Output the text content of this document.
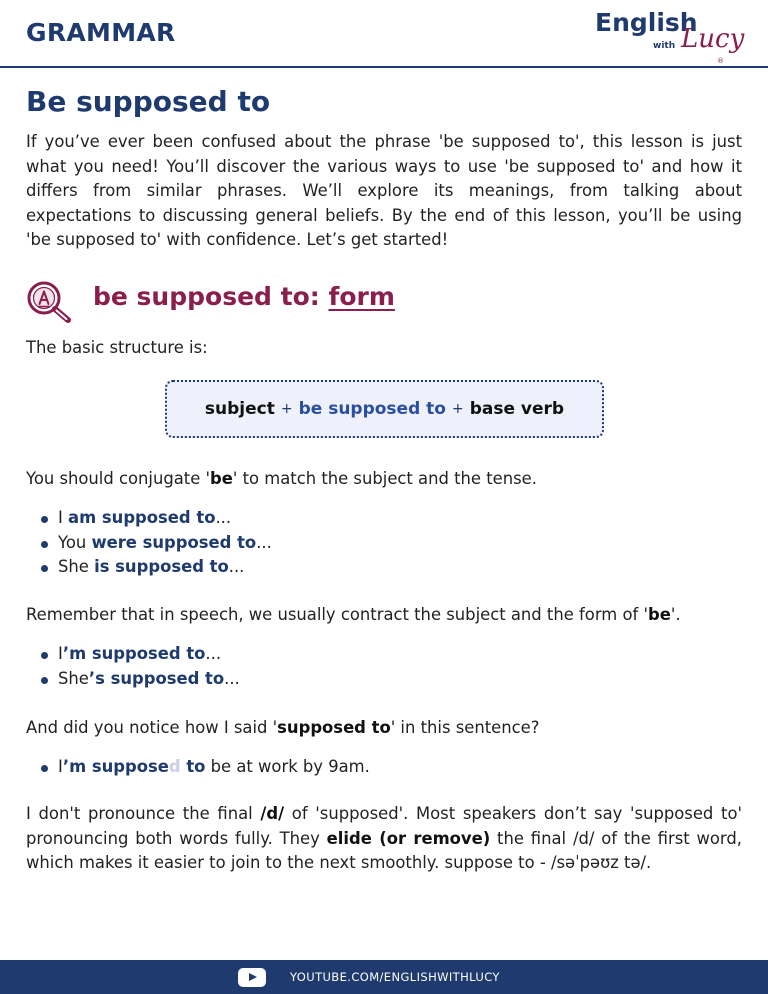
GRAMMAR	English
with Lucy
®
Be supposed to

If you’ve ever been confused about the phrase 'be supposed to', this lesson is just what you need! You’ll discover the various ways to use 'be supposed to' and how it differs from similar phrases. We’ll explore its meanings, from talking about expectations to discussing general beliefs. By the end of this lesson, you’ll be using 'be supposed to' with confidence. Let’s get started!

be supposed to: form

The basic structure is:

subject + be supposed to + base verb

You should conjugate 'be' to match the subject and the tense.

I am supposed to...
You were supposed to...
She is supposed to...

Remember that in speech, we usually contract the subject and the form of 'be'.

I’m supposed to...
She’s supposed to...

And did you notice how I said 'supposed to' in this sentence?

I’m supposed to be at work by 9am.

I don't pronounce the final /d/ of 'supposed'. Most speakers don’t say 'supposed to' pronouncing both words fully. They elide (or remove) the final /d/ of the first word, which makes it easier to join to the next smoothly. suppose to - /səˈpəʊz tə/.

YOUTUBE.COM/ENGLISHWITHLUCY
